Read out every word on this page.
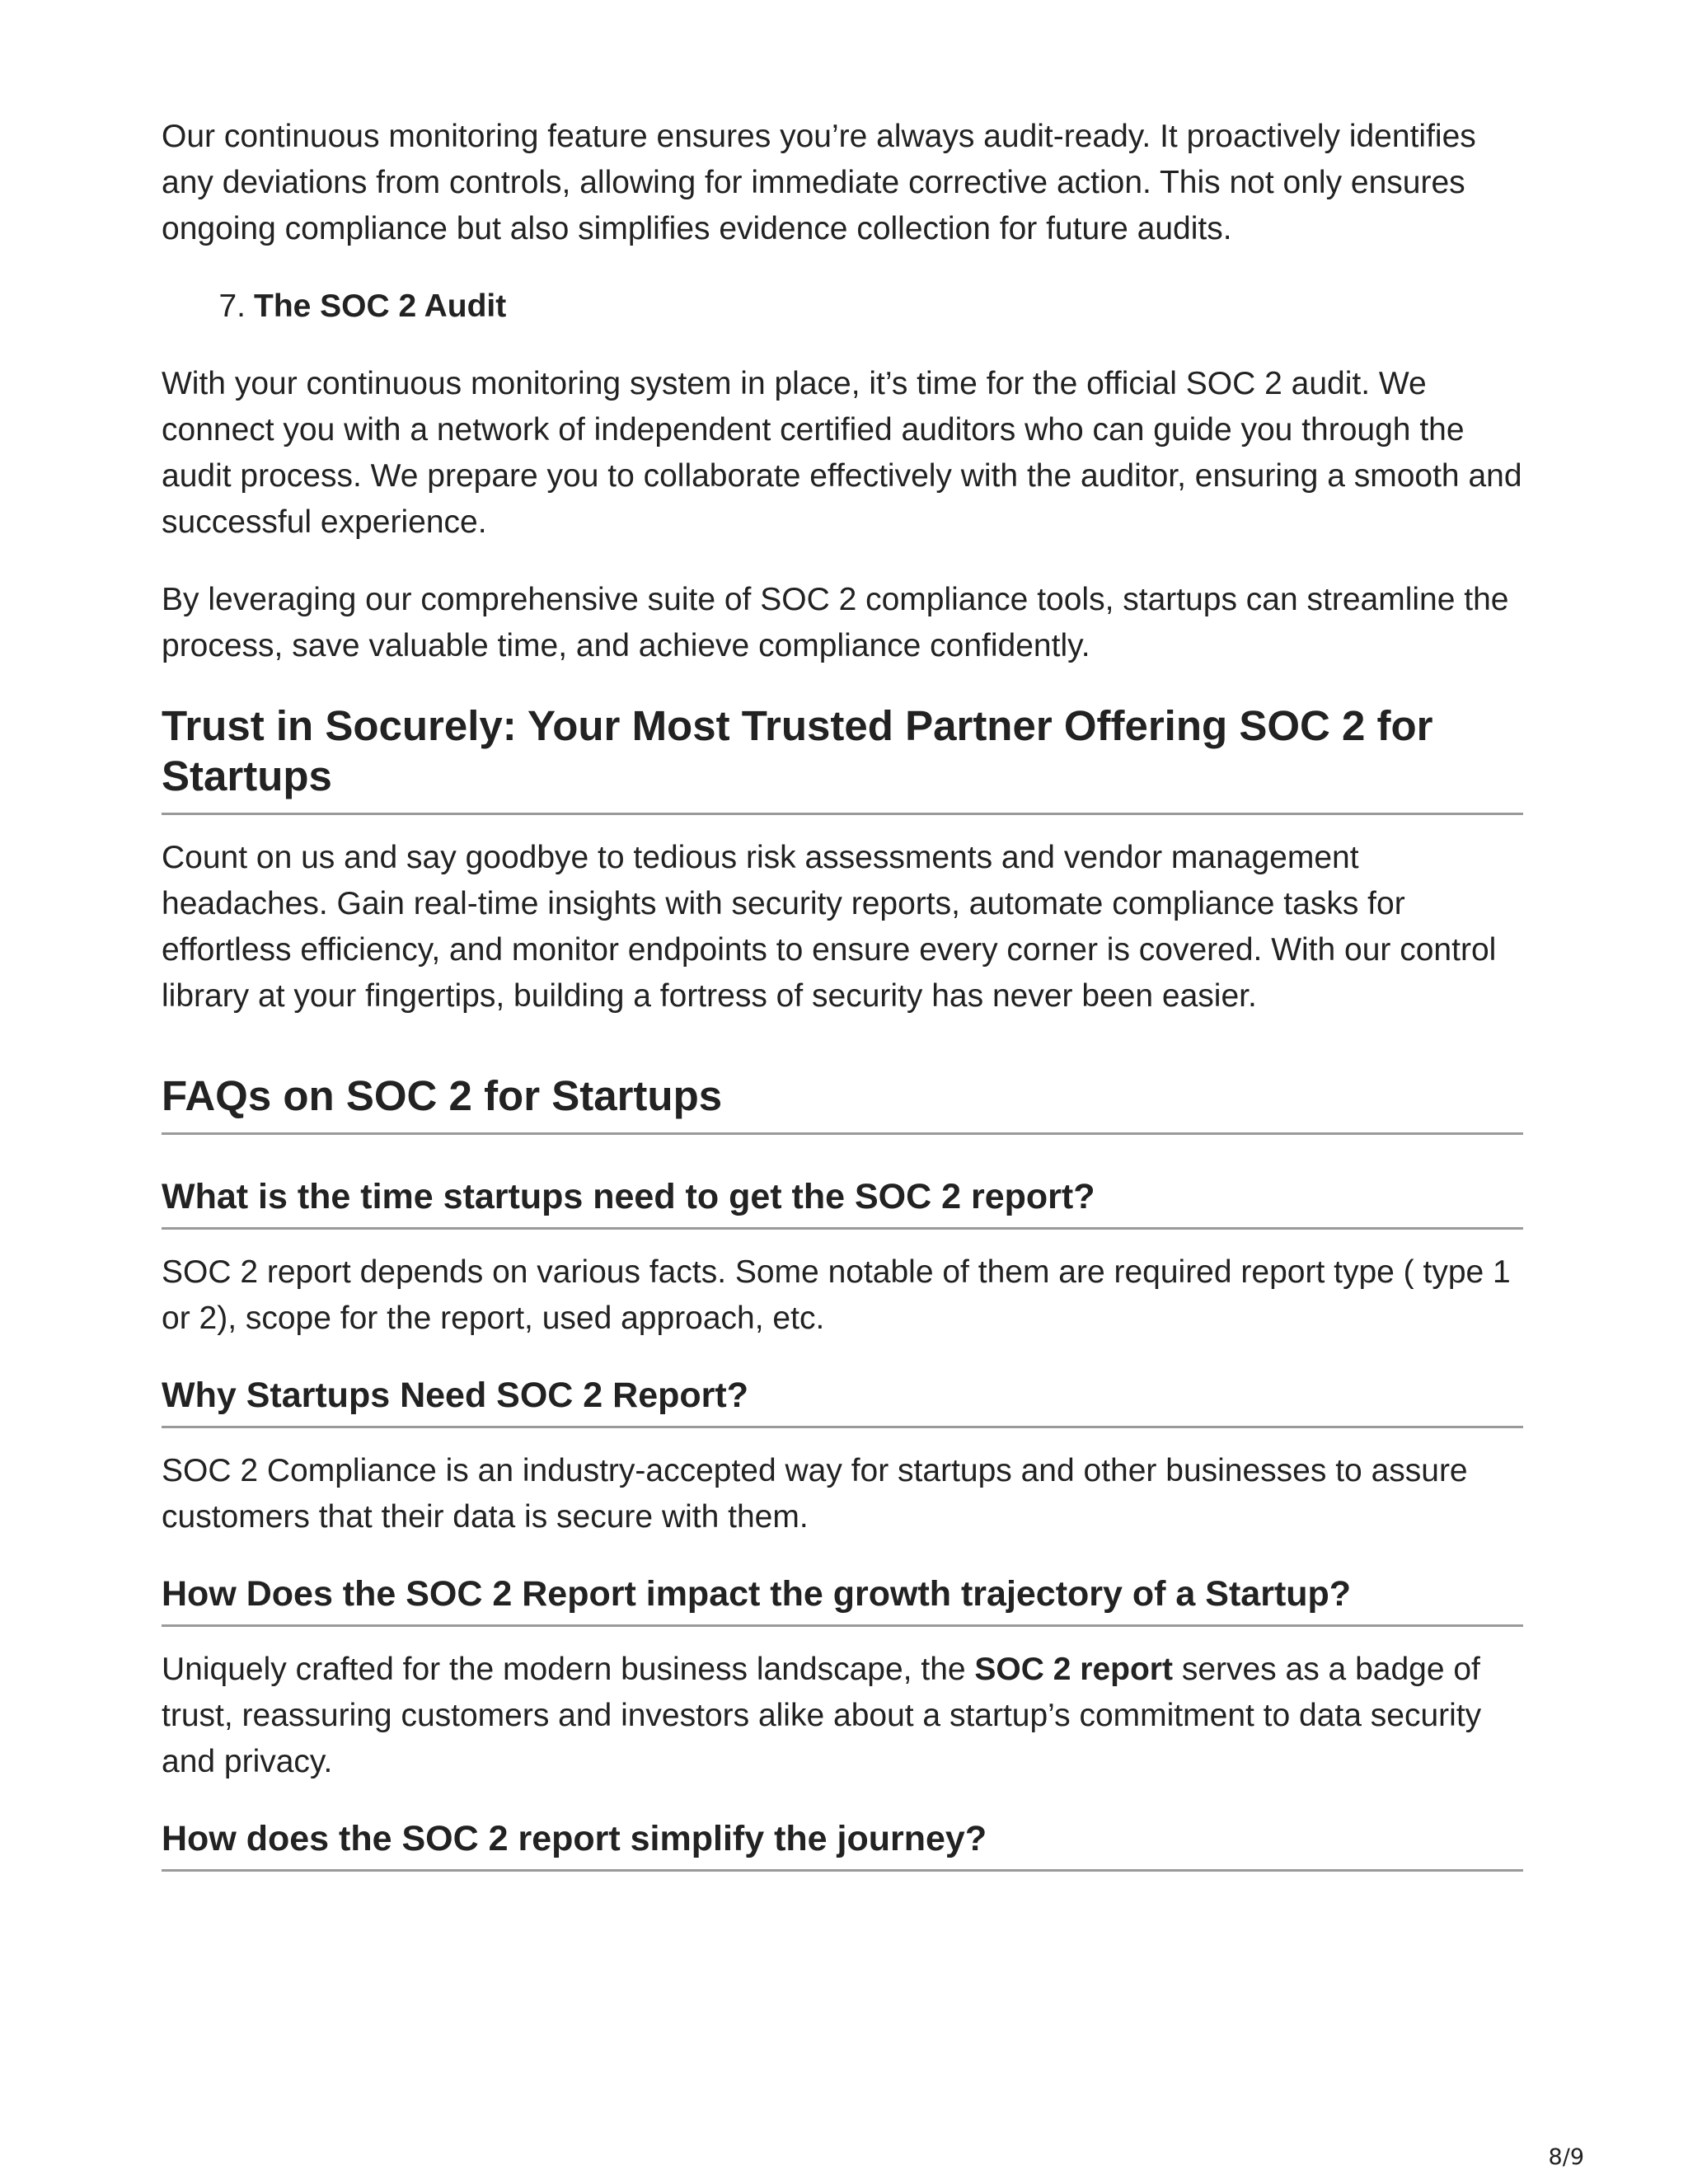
Our continuous monitoring feature ensures you’re always audit-ready. It proactively identifies any deviations from controls, allowing for immediate corrective action. This not only ensures ongoing compliance but also simplifies evidence collection for future audits.

7. The SOC 2 Audit

With your continuous monitoring system in place, it’s time for the official SOC 2 audit. We connect you with a network of independent certified auditors who can guide you through the audit process. We prepare you to collaborate effectively with the auditor, ensuring a smooth and successful experience.

By leveraging our comprehensive suite of SOC 2 compliance tools, startups can streamline the process, save valuable time, and achieve compliance confidently.

Trust in Socurely: Your Most Trusted Partner Offering SOC 2 for Startups

Count on us and say goodbye to tedious risk assessments and vendor management headaches. Gain real-time insights with security reports, automate compliance tasks for effortless efficiency, and monitor endpoints to ensure every corner is covered. With our control library at your fingertips, building a fortress of security has never been easier.

FAQs on SOC 2 for Startups
What is the time startups need to get the SOC 2 report?

SOC 2 report depends on various facts. Some notable of them are required report type ( type 1 or 2), scope for the report, used approach, etc.

Why Startups Need SOC 2 Report?

SOC 2 Compliance is an industry-accepted way for startups and other businesses to assure customers that their data is secure with them.

How Does the SOC 2 Report impact the growth trajectory of a Startup?

Uniquely crafted for the modern business landscape, the SOC 2 report serves as a badge of trust, reassuring customers and investors alike about a startup’s commitment to data security and privacy.

How does the SOC 2 report simplify the journey?
8/9
